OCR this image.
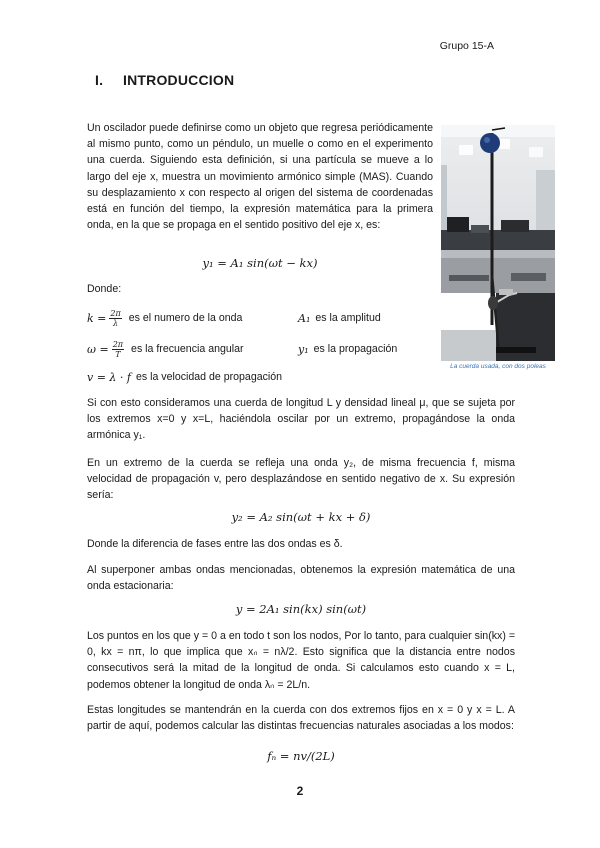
Grupo 15-A
I. INTRODUCCION
Un oscilador puede definirse como un objeto que regresa periódicamente al mismo punto, como un péndulo, un muelle o como en el experimento una cuerda. Siguiendo esta definición, si una partícula se mueve a lo largo del eje x, muestra un movimiento armónico simple (MAS). Cuando su desplazamiento x con respecto al origen del sistema de coordenadas está en función del tiempo, la expresión matemática para la primera onda, en la que se propaga en el sentido positivo del eje x, es:
y₁ = A₁ sin(ωt − kx)
Donde:
$k = \frac{2\pi}{\lambda}$ es el numero de la onda	A₁ es la amplitud
$\omega = \frac{2\pi}{T}$ es la frecuencia angular	y₁ es la propagación
v = λ · f es la velocidad de propagación
La cuerda usada, con dos poleas
Si con esto consideramos una cuerda de longitud L y densidad lineal μ, que se sujeta por los extremos x=0 y x=L, haciéndola oscilar por un extremo, propagándose la onda armónica y₁.
En un extremo de la cuerda se refleja una onda y₂, de misma frecuencia f, misma velocidad de propagación v, pero desplazándose en sentido negativo de x. Su expresión sería:
y₂ = A₂ sin(ωt + kx + δ)
Donde la diferencia de fases entre las dos ondas es δ.
Al superponer ambas ondas mencionadas, obtenemos la expresión matemática de una onda estacionaria:
y = 2A₁ sin(kx) sin(ωt)
Los puntos en los que y = 0 a en todo t son los nodos, Por lo tanto, para cualquier sin(kx) = 0, kx = nπ, lo que implica que xₙ = nλ/2. Esto significa que la distancia entre nodos consecutivos será la mitad de la longitud de onda. Si calculamos esto cuando x = L, podemos obtener la longitud de onda λₙ = 2L/n.
Estas longitudes se mantendrán en la cuerda con dos extremos fijos en x = 0 y x = L. A partir de aquí, podemos calcular las distintas frecuencias naturales asociadas a los modos:
fₙ = nv/(2L)
2
